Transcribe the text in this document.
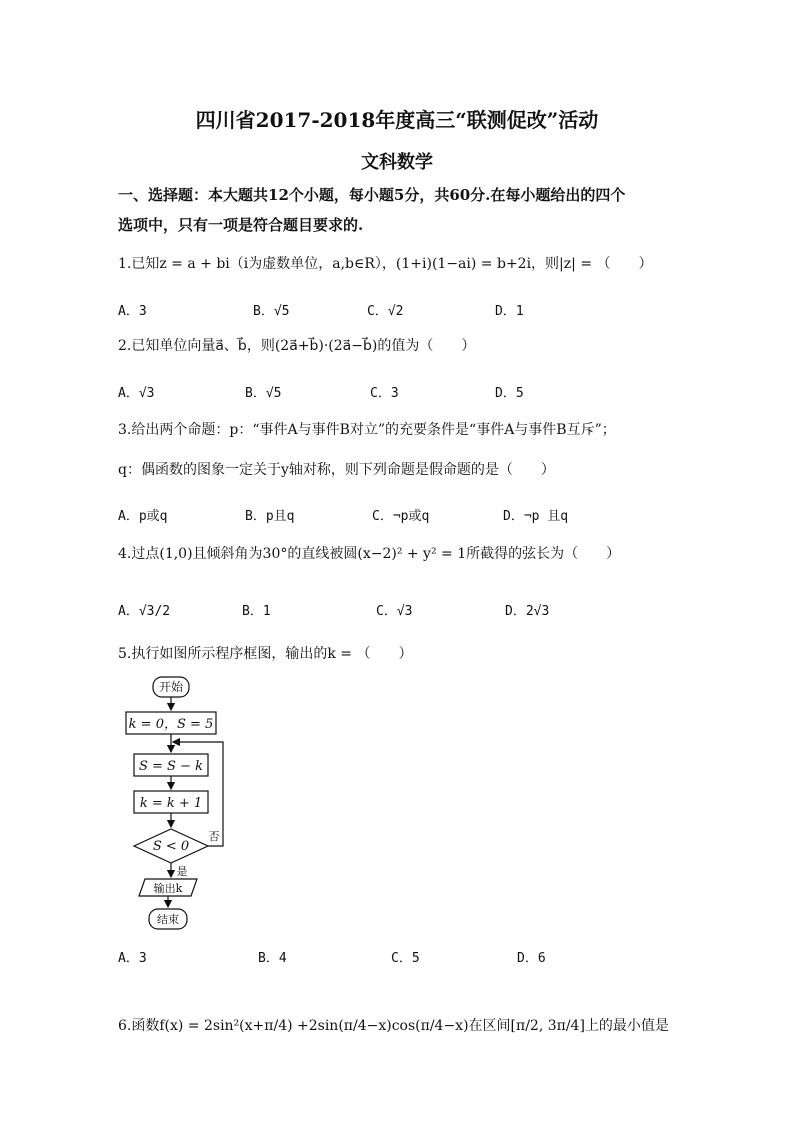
四川省2017-2018年度高三“联测促改”活动
文科数学
一、选择题：本大题共12个小题，每小题5分，共60分.在每小题给出的四个
选项中，只有一项是符合题目要求的.
1.已知z = a + bi（i为虚数单位，a,b∈R），(1+i)(1−ai) = b+2i，则|z| = （　　）
A．3	B．√5	C．√2	D．1
2.已知单位向量a⃗、b⃗，则(2a⃗+b⃗)·(2a⃗−b⃗)的值为（　　）
A．√3	B．√5	C．3	D．5
3.给出两个命题：p：“事件A与事件B对立”的充要条件是“事件A与事件B互斥”；
q：偶函数的图象一定关于y轴对称，则下列命题是假命题的是（　　）
A．p或q	B．p且q	C．¬p或q	D．¬p 且q
4.过点(1,0)且倾斜角为30°的直线被圆(x−2)² + y² = 1所截得的弦长为（　　）
A．√3/2	B．1	C．√3	D．2√3
5.执行如图所示程序框图，输出的k = （　　）
开始
k = 0，S = 5
S = S − k
k = k + 1
S < 0
否
是
输出k
结束
A．3	B．4	C．5	D．6
6.函数f(x) = 2sin²(x+π/4) +2sin(π/4−x)cos(π/4−x)在区间[π/2, 3π/4]上的最小值是
